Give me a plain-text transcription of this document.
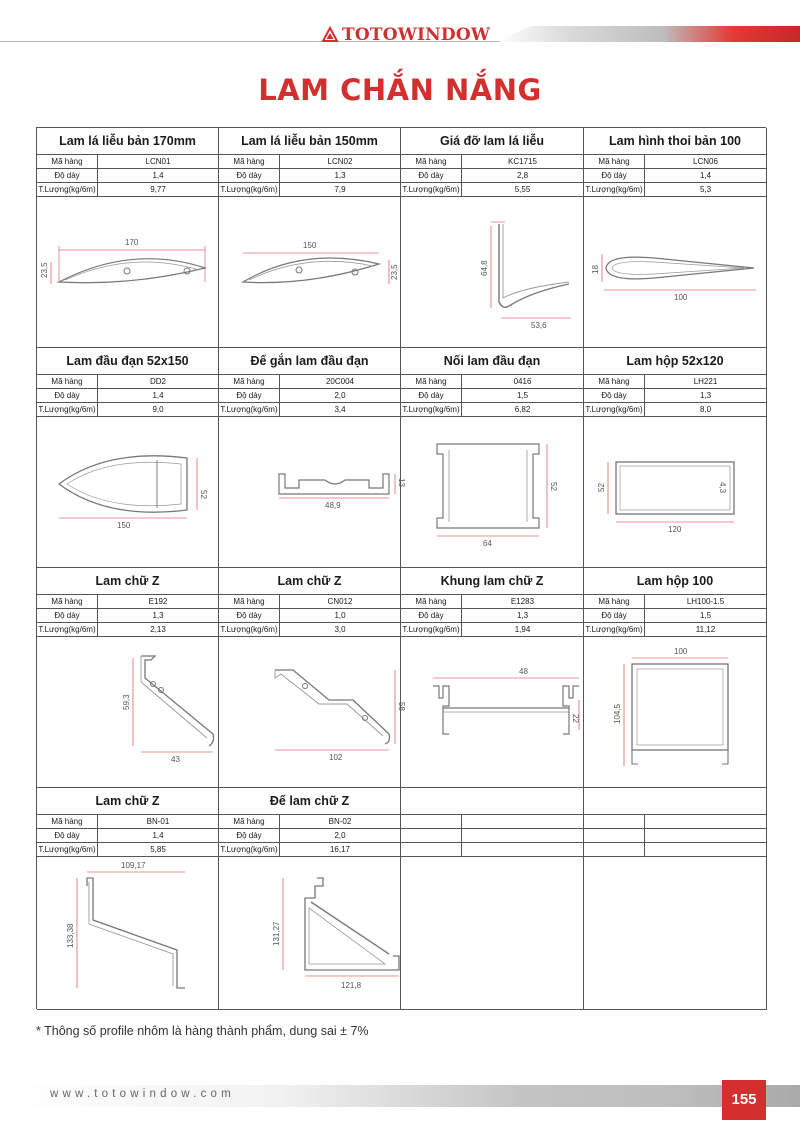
TOTOWINDOW
LAM CHẮN NẮNG
Lam lá liễu bản 170mm
Mã hàng	LCN01
Độ dày	1,4
T.Lượng(kg/6m)	9,77
170
23,5
Lam lá liễu bản 150mm
Mã hàng	LCN02
Độ dày	1,3
T.Lượng(kg/6m)	7,9
150
23,5
Giá đỡ lam lá liễu
Mã hàng	KC1715
Độ dày	2,8
T.Lượng(kg/6m)	5,55
64,8
53,6
Lam hình thoi bản 100
Mã hàng	LCN06
Độ dày	1,4
T.Lượng(kg/6m)	5,3
18
100
Lam đầu đạn 52x150
Mã hàng	DD2
Độ dày	1,4
T.Lượng(kg/6m)	9,0
52
150
Đế gắn lam đầu đạn
Mã hàng	20C004
Độ dày	2,0
T.Lượng(kg/6m)	3,4
13
48,9
Nối lam đầu đạn
Mã hàng	0416
Độ dày	1,5
T.Lượng(kg/6m)	6,82
52
64
Lam hộp 52x120
Mã hàng	LH221
Độ dày	1,3
T.Lượng(kg/6m)	8,0
52	4,3
120
Lam chữ Z
Mã hàng	E192
Độ dày	1,3
T.Lượng(kg/6m)	2,13
59,3
43
Lam chữ Z
Mã hàng	CN012
Độ dày	1,0
T.Lượng(kg/6m)	3,0
58
102
Khung lam chữ Z
Mã hàng	E1283
Độ dày	1,3
T.Lượng(kg/6m)	1,94
48
22
Lam hộp 100
Mã hàng	LH100-1.5
Độ dày	1,5
T.Lượng(kg/6m)	11,12
100
104,5
Lam chữ Z
Mã hàng	BN-01
Độ dày	1,4
T.Lượng(kg/6m)	5,85
109,17
133,38
Đế lam chữ Z
Mã hàng	BN-02
Độ dày	2,0
T.Lượng(kg/6m)	16,17
131,27
121,8
* Thông số profile nhôm là hàng thành phẩm, dung sai ± 7%
www.totowindow.com	155
